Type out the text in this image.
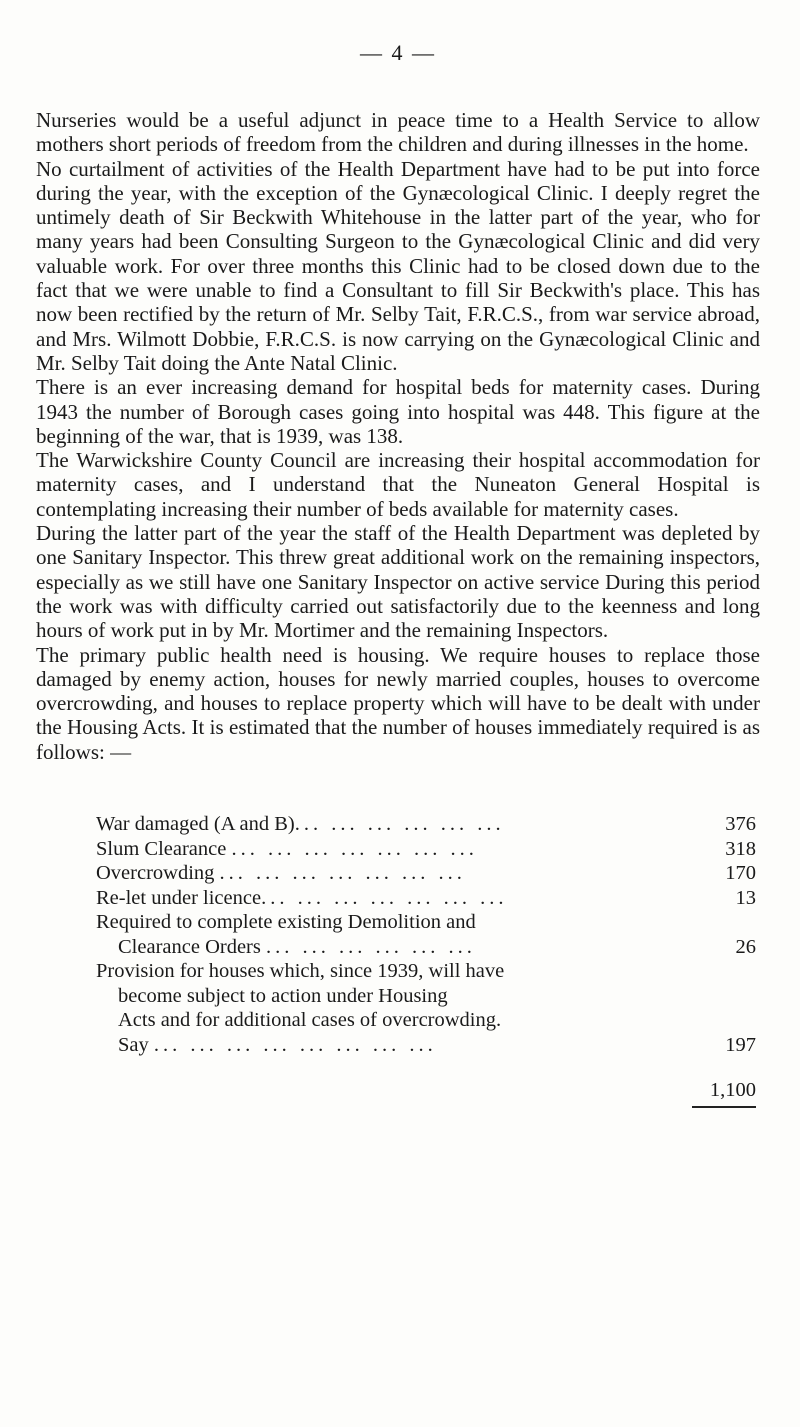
— 4 —

Nurseries would be a useful adjunct in peace time to a Health Service to allow mothers short periods of freedom from the children and during illnesses in the home.

No curtailment of activities of the Health Department have had to be put into force during the year, with the exception of the Gynæcological Clinic. I deeply regret the untimely death of Sir Beckwith Whitehouse in the latter part of the year, who for many years had been Consulting Surgeon to the Gynæcological Clinic and did very valuable work. For over three months this Clinic had to be closed down due to the fact that we were unable to find a Consultant to fill Sir Beckwith's place. This has now been rectified by the return of Mr. Selby Tait, F.R.C.S., from war service abroad, and Mrs. Wilmott Dobbie, F.R.C.S. is now carrying on the Gynæcological Clinic and Mr. Selby Tait doing the Ante Natal Clinic.

There is an ever increasing demand for hospital beds for maternity cases. During 1943 the number of Borough cases going into hospital was 448. This figure at the beginning of the war, that is 1939, was 138.

The Warwickshire County Council are increasing their hospital accommodation for maternity cases, and I understand that the Nuneaton General Hospital is contemplating increasing their number of beds available for maternity cases.

During the latter part of the year the staff of the Health Department was depleted by one Sanitary Inspector. This threw great additional work on the remaining inspectors, especially as we still have one Sanitary Inspector on active service During this period the work was with difficulty carried out satisfactorily due to the keenness and long hours of work put in by Mr. Mortimer and the remaining Inspectors.

The primary public health need is housing. We require houses to replace those damaged by enemy action, houses for newly married couples, houses to overcome overcrowding, and houses to replace property which will have to be dealt with under the Housing Acts. It is estimated that the number of houses immediately required is as follows: —

War damaged (A and B)... ... ... ... ... ...	376
Slum Clearance ... ... ... ... ... ... ...	318
Overcrowding ... ... ... ... ... ... ...	170
Re-let under licence... ... ... ... ... ... ...	13
Required to complete existing Demolition and
Clearance Orders ... ... ... ... ... ...	26
Provision for houses which, since 1939, will have
become subject to action under Housing
Acts and for additional cases of overcrowding.
Say ... ... ... ... ... ... ... ...	197
1,100
